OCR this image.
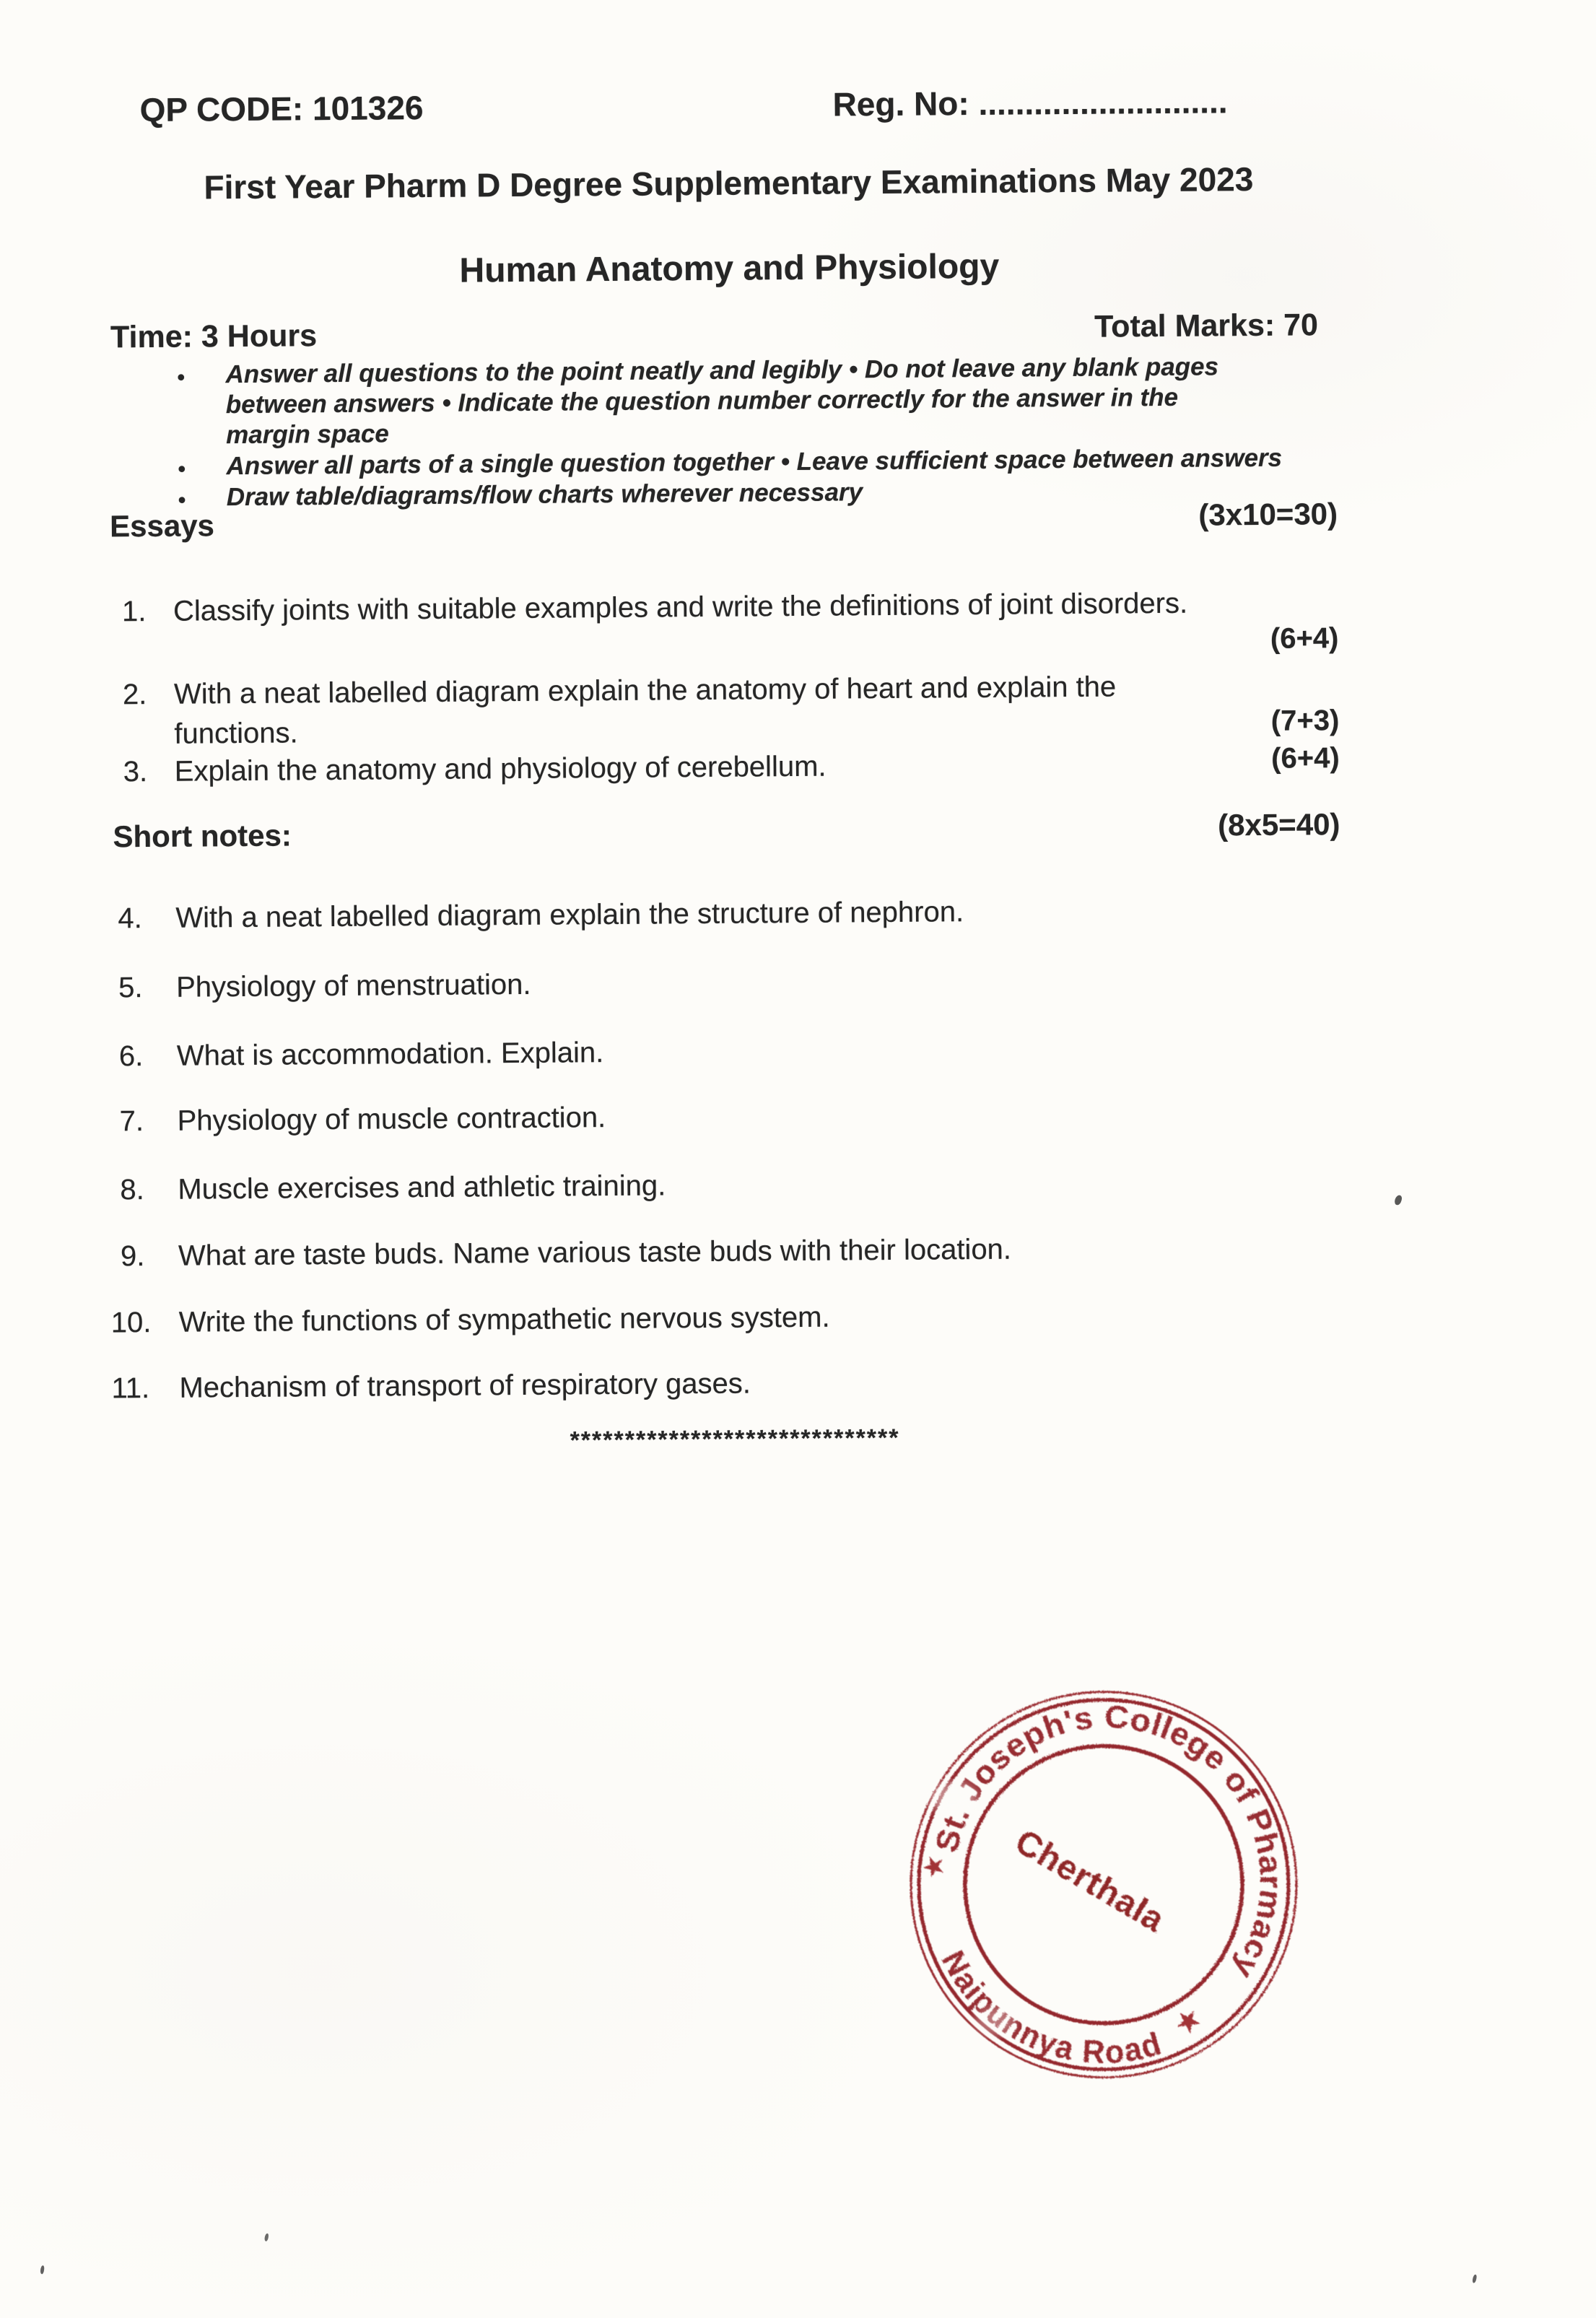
QP CODE: 101326	Reg. No: ...........................
First Year Pharm D Degree Supplementary Examinations May 2023
Human Anatomy and Physiology
Time: 3 Hours	Total Marks: 70
• Answer all questions to the point neatly and legibly • Do not leave any blank pages
between answers • Indicate the question number correctly for the answer in the
margin space
• Answer all parts of a single question together • Leave sufficient space between answers
• Draw table/diagrams/flow charts wherever necessary
Essays	(3x10=30)
1. Classify joints with suitable examples and write the definitions of joint disorders.
(6+4)
2. With a neat labelled diagram explain the anatomy of heart and explain the
functions.	(7+3)
3. Explain the anatomy and physiology of cerebellum.	(6+4)
Short notes:	(8x5=40)
4. With a neat labelled diagram explain the structure of nephron.
5. Physiology of menstruation.
6. What is accommodation. Explain.
7. Physiology of muscle contraction.
8. Muscle exercises and athletic training.
9. What are taste buds. Name various taste buds with their location.
10. Write the functions of sympathetic nervous system.
11. Mechanism of transport of respiratory gases.
******************************
St. Joseph's College of Pharmacy
Naipunnya Road
Cherthala
★
★
